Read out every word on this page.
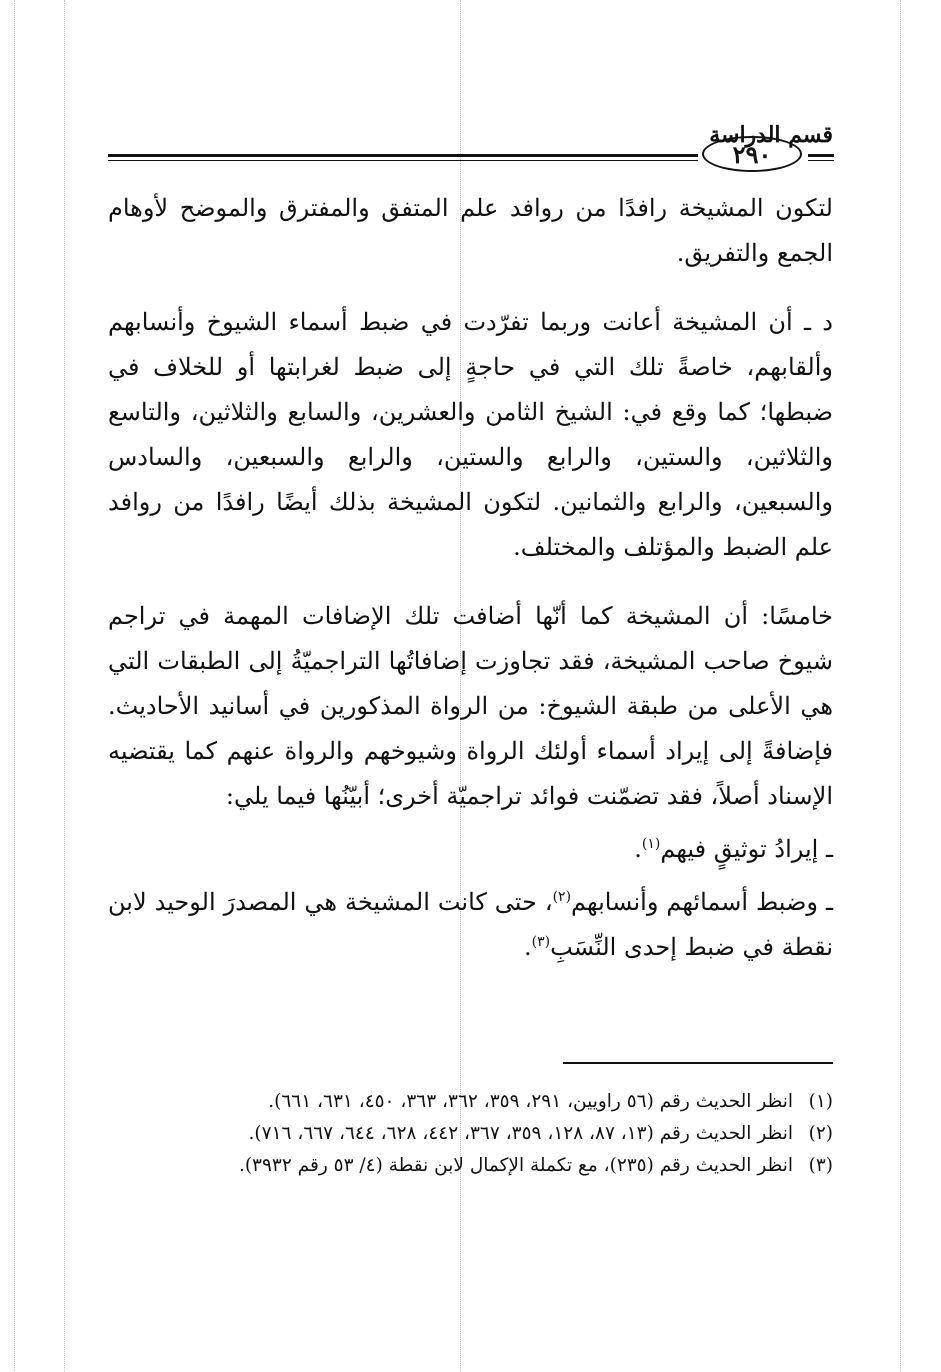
قسم الدراسة
٢٩٠

لتكون المشيخة رافدًا من روافد علم المتفق والمفترق والموضح لأوهام الجمع والتفريق.

د ـ أن المشيخة أعانت وربما تفرّدت في ضبط أسماء الشيوخ وأنسابهم وألقابهم، خاصةً تلك التي في حاجةٍ إلى ضبط لغرابتها أو للخلاف في ضبطها؛ كما وقع في: الشيخ الثامن والعشرين، والسابع والثلاثين، والتاسع والثلاثين، والستين، والرابع والستين، والرابع والسبعين، والسادس والسبعين، والرابع والثمانين. لتكون المشيخة بذلك أيضًا رافدًا من روافد علم الضبط والمؤتلف والمختلف.

خامسًا: أن المشيخة كما أنّها أضافت تلك الإضافات المهمة في تراجم شيوخ صاحب المشيخة، فقد تجاوزت إضافاتُها التراجميّةُ إلى الطبقات التي هي الأعلى من طبقة الشيوخ: من الرواة المذكورين في أسانيد الأحاديث. فإضافةً إلى إيراد أسماء أولئك الرواة وشيوخهم والرواة عنهم كما يقتضيه الإسناد أصلاً، فقد تضمّنت فوائد تراجميّة أخرى؛ أبيّنُها فيما يلي:

ـ إيرادُ توثيقٍ فيهم$^{(١)}$.

ـ وضبط أسمائهم وأنسابهم$^{(٢)}$، حتى كانت المشيخة هي المصدرَ الوحيد لابن نقطة في ضبط إحدى النِّسَبِ$^{(٣)}$.

(١)
انظر الحديث رقم (٥٦ راويين، ٢٩١، ٣٥٩، ٣٦٢، ٣٦٣، ٤٥٠، ٦٣١، ٦٦١).
(٢)
انظر الحديث رقم (١٣، ٨٧، ١٢٨، ٣٥٩، ٣٦٧، ٤٤٢، ٦٢٨، ٦٤٤، ٦٦٧، ٧١٦).
(٣)
انظر الحديث رقم (٢٣٥)، مع تكملة الإكمال لابن نقطة (٤/ ٥٣ رقم ٣٩٣٢).
